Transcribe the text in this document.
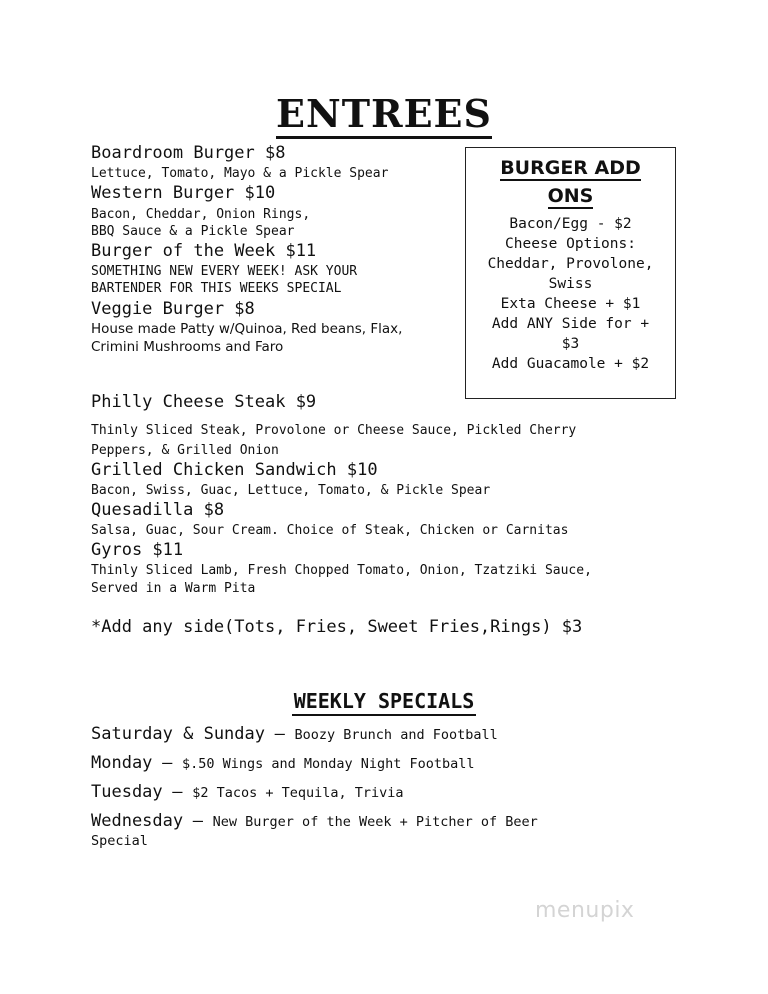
ENTREES
Boardroom Burger $8
Lettuce, Tomato, Mayo & a Pickle Spear
Western Burger $10
Bacon, Cheddar, Onion Rings,
BBQ Sauce & a Pickle Spear
Burger of the Week $11
SOMETHING NEW EVERY WEEK! ASK YOUR
BARTENDER FOR THIS WEEKS SPECIAL
Veggie Burger $8
House made Patty w/Quinoa, Red beans, Flax,
Crimini Mushrooms and Faro
BURGER ADD
ONS
Bacon/Egg - $2
Cheese Options:
Cheddar, Provolone,
Swiss
Exta Cheese + $1
Add ANY Side for +
$3
Add Guacamole + $2
Philly Cheese Steak $9
Thinly Sliced Steak, Provolone or Cheese Sauce, Pickled Cherry
Peppers, & Grilled Onion
Grilled Chicken Sandwich $10
Bacon, Swiss, Guac, Lettuce, Tomato, & Pickle Spear
Quesadilla $8
Salsa, Guac, Sour Cream. Choice of Steak, Chicken or Carnitas
Gyros $11
Thinly Sliced Lamb, Fresh Chopped Tomato, Onion, Tzatziki Sauce,
Served in a Warm Pita
*Add any side(Tots, Fries, Sweet Fries,Rings) $3
WEEKLY SPECIALS
Saturday & Sunday — Boozy Brunch and Football
Monday — $.50 Wings and Monday Night Football
Tuesday — $2 Tacos + Tequila, Trivia
Wednesday — New Burger of the Week + Pitcher of Beer
Special
menupix
